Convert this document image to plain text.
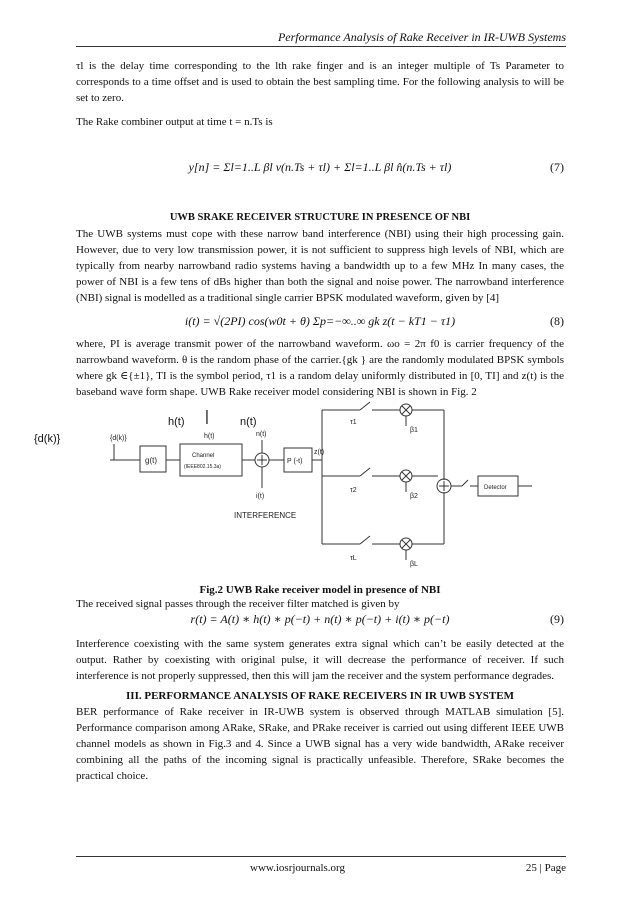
Performance Analysis of Rake Receiver in IR-UWB Systems
τl is the delay time corresponding to the lth rake finger and is an integer multiple of Ts Parameter to corresponds to a time offset and is used to obtain the best sampling time. For the following analysis to will be set to zero.
The Rake combiner output at time t = n.Ts is
y[n] = Σl=1..L βl v(n.Ts + τl) + Σl=1..L βl n̂(n.Ts + τl)	(7)
UWB SRAKE RECEIVER STRUCTURE IN PRESENCE OF NBI
The UWB systems must cope with these narrow band interference (NBI) using their high processing gain. However, due to very low transmission power, it is not sufficient to suppress high levels of NBI, which are typically from nearby narrowband radio systems having a bandwidth up to a few MHz In many cases, the power of NBI is a few tens of dBs higher than both the signal and noise power. The narrowband interference (NBI) signal is modelled as a traditional single carrier BPSK modulated waveform, given by [4]
i(t) = √(2PI) cos(w0t + θ) Σp=−∞..∞ gk z(t − kT1 − τ1)	(8)
where, PI is average transmit power of the narrowband waveform. ωo = 2π f0 is carrier frequency of the narrowband waveform. θ is the random phase of the carrier.{gk } are the randomly modulated BPSK symbols where gk ∈{±1}, TI is the symbol period, τ1 is a random delay uniformly distributed in [0, TI] and z(t) is the baseband wave form shape. UWB Rake receiver model considering NBI is shown in Fig. 2
h(t) |	n(t)
{d(k)}	{d(k)}
g(t)	Channel
(IEEE802.15.3a)
h(t)	n(t)
i(t)
INTERFERENCE
P (-t)
z(t)
τ1
τ2
τL
β1
β2
βL
Detector
Fig.2 UWB Rake receiver model in presence of NBI
The received signal passes through the receiver filter matched is given by
r(t) = A(t) ∗ h(t) ∗ p(−t) + n(t) ∗ p(−t) + i(t) ∗ p(−t)	(9)
Interference coexisting with the same system generates extra signal which can’t be easily detected at the output. Rather by coexisting with original pulse, it will decrease the performance of receiver. If such interference is not properly suppressed, then this will jam the receiver and the system performance degrades.
III. PERFORMANCE ANALYSIS OF RAKE RECEIVERS IN IR UWB SYSTEM
BER performance of Rake receiver in IR-UWB system is observed through MATLAB simulation [5]. Performance comparison among ARake, SRake, and PRake receiver is carried out using different IEEE UWB channel models as shown in Fig.3 and 4. Since a UWB signal has a very wide bandwidth, ARake receiver combining all the paths of the incoming signal is practically unfeasible. Therefore, SRake becomes the practical choice.
www.iosrjournals.org	25 | Page
